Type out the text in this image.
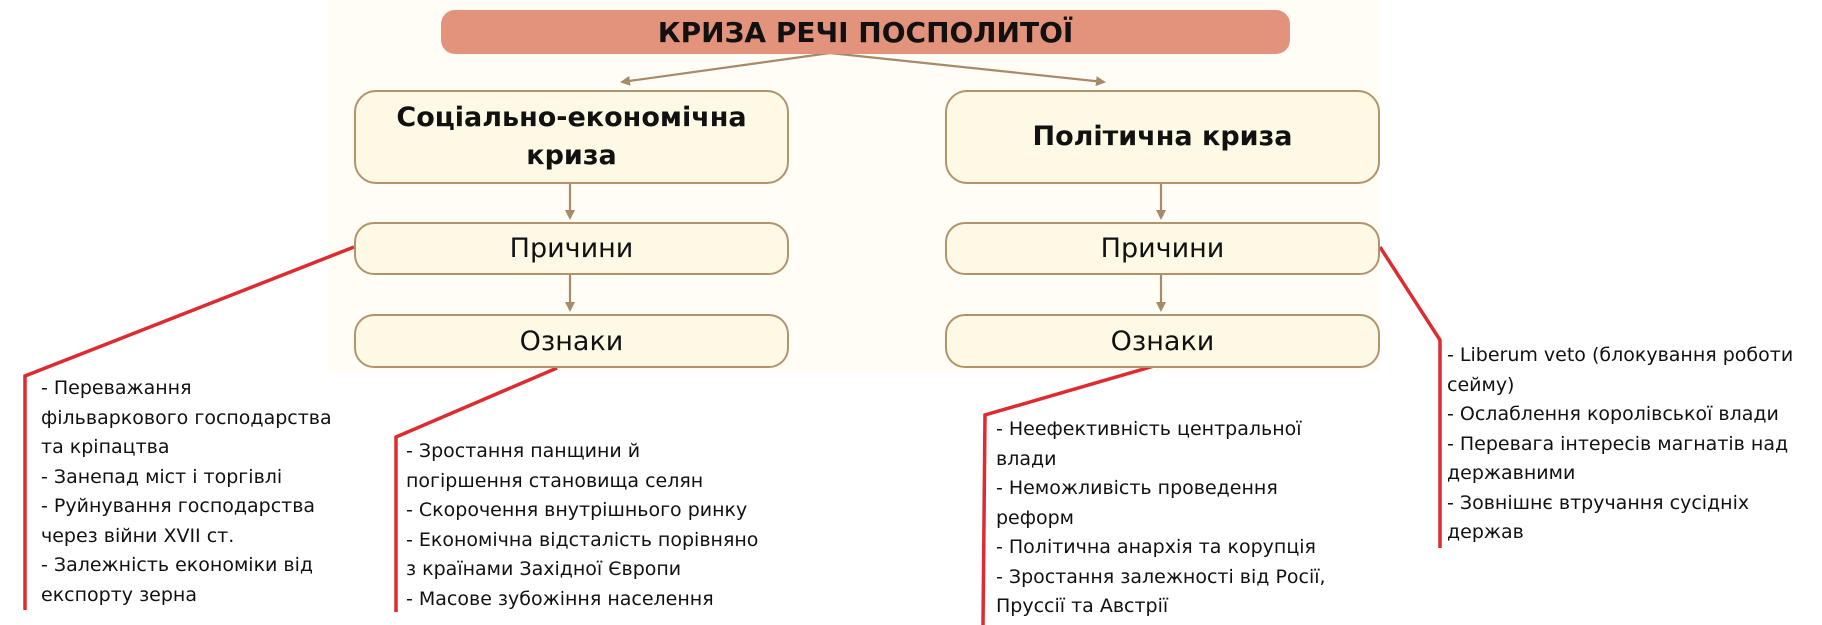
КРИЗА РЕЧІ ПОСПОЛИТОЇ
Соціально-економічна
криза
Причини
Ознаки
Політична криза
Причини
Ознаки
- Переважання
фільваркового господарства
та кріпацтва
- Занепад міст і торгівлі
- Руйнування господарства
через війни XVII ст.
- Залежність економіки від
експорту зерна
- Зростання панщини й
погіршення становища селян
- Скорочення внутрішнього ринку
- Економічна відсталість порівняно
з країнами Західної Європи
- Масове зубожіння населення
- Неефективність центральної
влади
- Неможливість проведення
реформ
- Політична анархія та корупція
- Зростання залежності від Росії,
Пруссії та Австрії
- Liberum veto (блокування роботи
сейму)
- Ослаблення королівської влади
- Перевага інтересів магнатів над
державними
- Зовнішнє втручання сусідніх
держав
